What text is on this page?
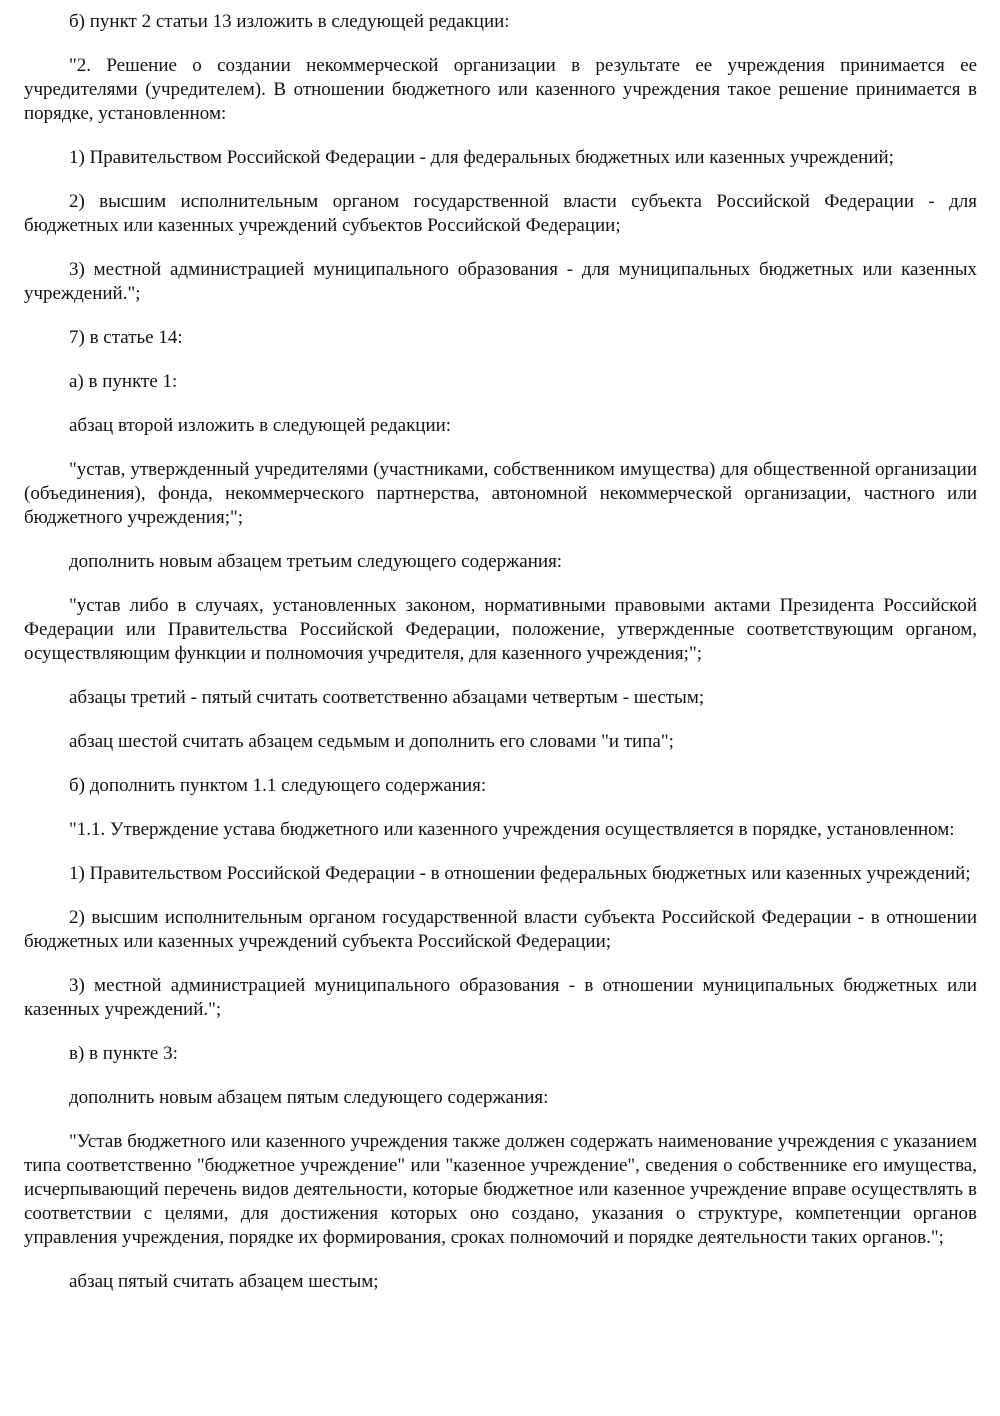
б) пункт 2 статьи 13 изложить в следующей редакции:

"2. Решение о создании некоммерческой организации в результате ее учреждения принимается ее учредителями (учредителем). В отношении бюджетного или казенного учреждения такое решение принимается в порядке, установленном:

1) Правительством Российской Федерации - для федеральных бюджетных или казенных учреждений;

2) высшим исполнительным органом государственной власти субъекта Российской Федерации - для бюджетных или казенных учреждений субъектов Российской Федерации;

3) местной администрацией муниципального образования - для муниципальных бюджетных или казенных учреждений.";

7) в статье 14:

а) в пункте 1:

абзац второй изложить в следующей редакции:

"устав, утвержденный учредителями (участниками, собственником имущества) для общественной организации (объединения), фонда, некоммерческого партнерства, автономной некоммерческой организации, частного или бюджетного учреждения;";

дополнить новым абзацем третьим следующего содержания:

"устав либо в случаях, установленных законом, нормативными правовыми актами Президента Российской Федерации или Правительства Российской Федерации, положение, утвержденные соответствующим органом, осуществляющим функции и полномочия учредителя, для казенного учреждения;";

абзацы третий - пятый считать соответственно абзацами четвертым - шестым;

абзац шестой считать абзацем седьмым и дополнить его словами "и типа";

б) дополнить пунктом 1.1 следующего содержания:

"1.1. Утверждение устава бюджетного или казенного учреждения осуществляется в порядке, установленном:

1) Правительством Российской Федерации - в отношении федеральных бюджетных или казенных учреждений;

2) высшим исполнительным органом государственной власти субъекта Российской Федерации - в отношении бюджетных или казенных учреждений субъекта Российской Федерации;

3) местной администрацией муниципального образования - в отношении муниципальных бюджетных или казенных учреждений.";

в) в пункте 3:

дополнить новым абзацем пятым следующего содержания:

"Устав бюджетного или казенного учреждения также должен содержать наименование учреждения с указанием типа соответственно "бюджетное учреждение" или "казенное учреждение", сведения о собственнике его имущества, исчерпывающий перечень видов деятельности, которые бюджетное или казенное учреждение вправе осуществлять в соответствии с целями, для достижения которых оно создано, указания о структуре, компетенции органов управления учреждения, порядке их формирования, сроках полномочий и порядке деятельности таких органов.";

абзац пятый считать абзацем шестым;
